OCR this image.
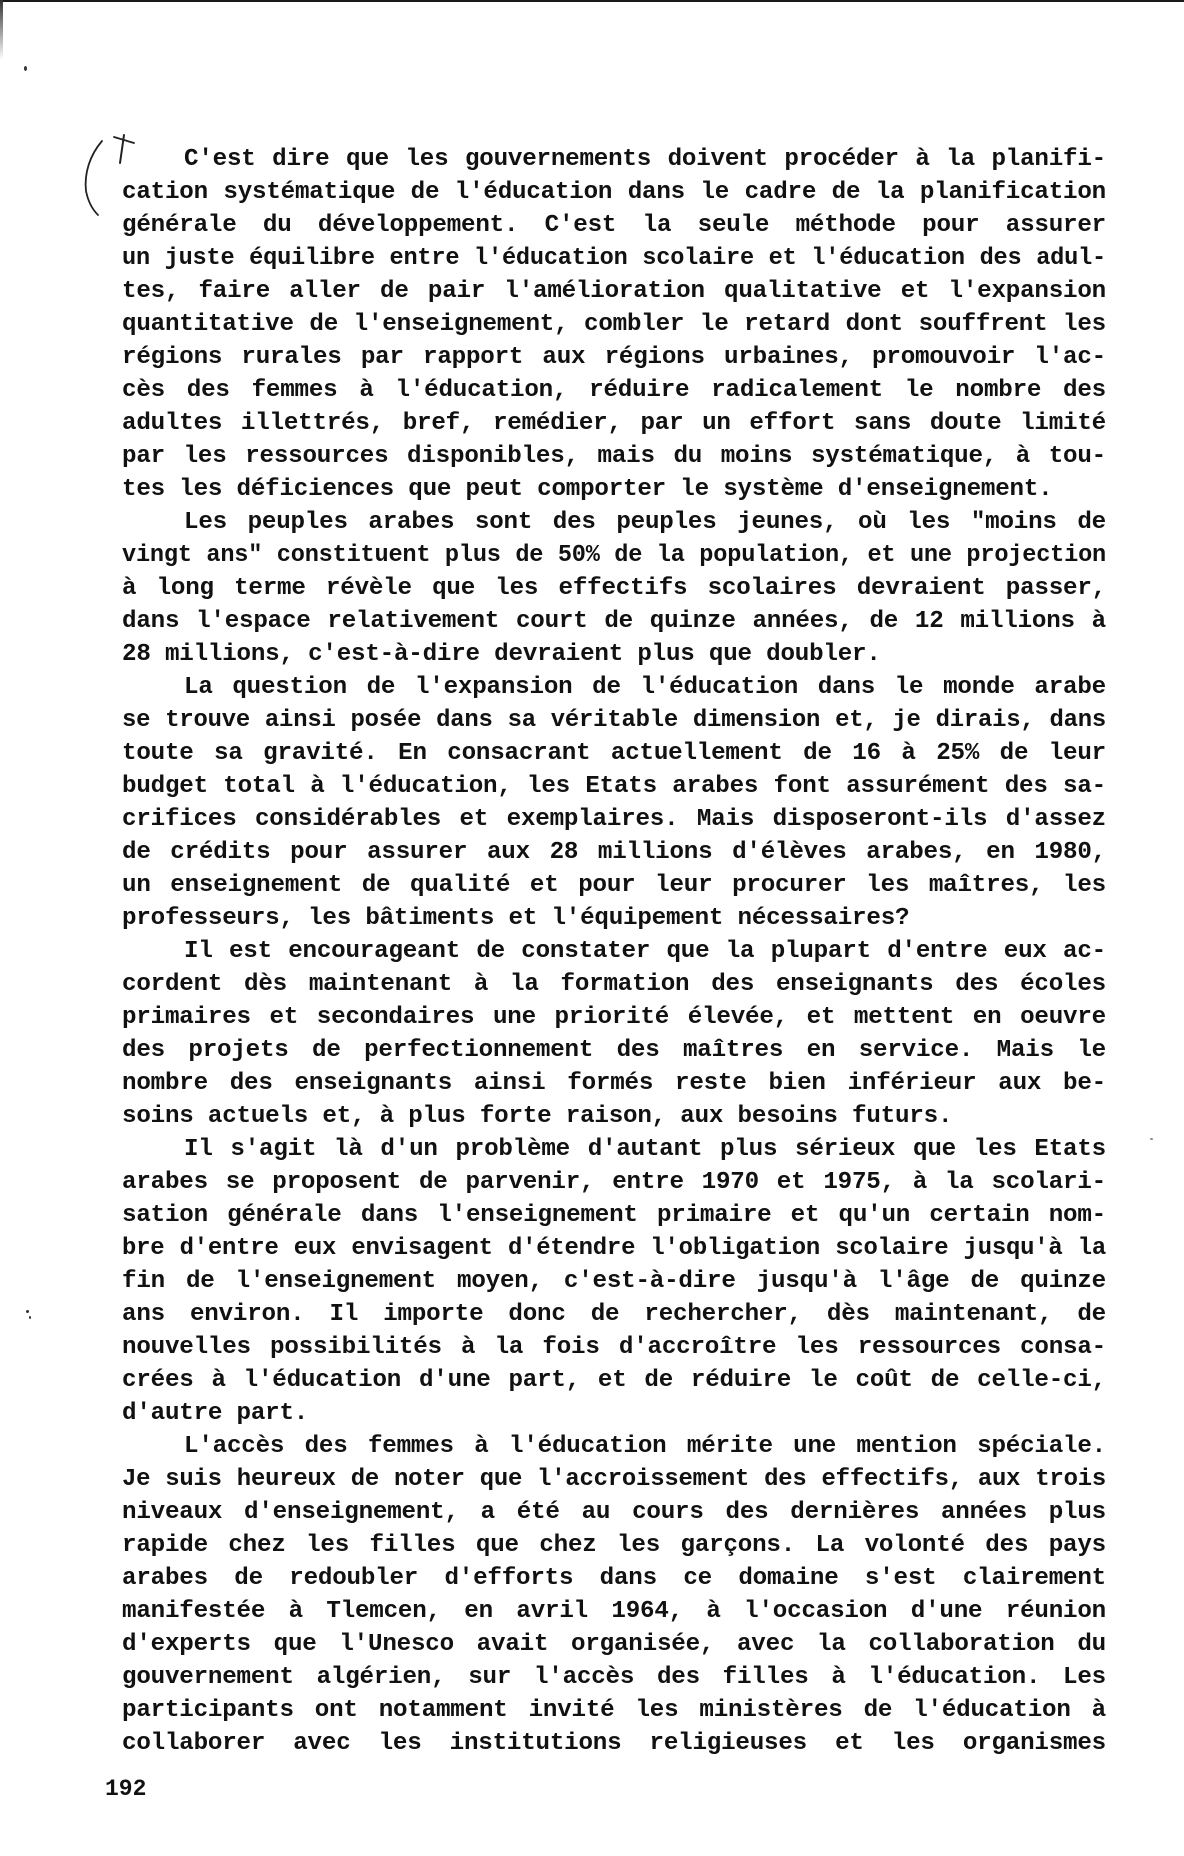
C'est dire que les gouvernements doivent procéder à la planifi-
cation systématique de l'éducation dans le cadre de la planification
générale du développement. C'est la seule méthode pour assurer
un juste équilibre entre l'éducation scolaire et l'éducation des adul-
tes, faire aller de pair l'amélioration qualitative et l'expansion
quantitative de l'enseignement, combler le retard dont souffrent les
régions rurales par rapport aux régions urbaines, promouvoir l'ac-
cès des femmes à l'éducation, réduire radicalement le nombre des
adultes illettrés, bref, remédier, par un effort sans doute limité
par les ressources disponibles, mais du moins systématique, à tou-
tes les déficiences que peut comporter le système d'enseignement.
Les peuples arabes sont des peuples jeunes, où les "moins de
vingt ans" constituent plus de 50% de la population, et une projection
à long terme révèle que les effectifs scolaires devraient passer,
dans l'espace relativement court de quinze années, de 12 millions à
28 millions, c'est-à-dire devraient plus que doubler.
La question de l'expansion de l'éducation dans le monde arabe
se trouve ainsi posée dans sa véritable dimension et, je dirais, dans
toute sa gravité. En consacrant actuellement de 16 à 25% de leur
budget total à l'éducation, les Etats arabes font assurément des sa-
crifices considérables et exemplaires. Mais disposeront-ils d'assez
de crédits pour assurer aux 28 millions d'élèves arabes, en 1980,
un enseignement de qualité et pour leur procurer les maîtres, les
professeurs, les bâtiments et l'équipement nécessaires?
Il est encourageant de constater que la plupart d'entre eux ac-
cordent dès maintenant à la formation des enseignants des écoles
primaires et secondaires une priorité élevée, et mettent en oeuvre
des projets de perfectionnement des maîtres en service. Mais le
nombre des enseignants ainsi formés reste bien inférieur aux be-
soins actuels et, à plus forte raison, aux besoins futurs.
Il s'agit là d'un problème d'autant plus sérieux que les Etats
arabes se proposent de parvenir, entre 1970 et 1975, à la scolari-
sation générale dans l'enseignement primaire et qu'un certain nom-
bre d'entre eux envisagent d'étendre l'obligation scolaire jusqu'à la
fin de l'enseignement moyen, c'est-à-dire jusqu'à l'âge de quinze
ans environ. Il importe donc de rechercher, dès maintenant, de
nouvelles possibilités à la fois d'accroître les ressources consa-
crées à l'éducation d'une part, et de réduire le coût de celle-ci,
d'autre part.
L'accès des femmes à l'éducation mérite une mention spéciale.
Je suis heureux de noter que l'accroissement des effectifs, aux trois
niveaux d'enseignement, a été au cours des dernières années plus
rapide chez les filles que chez les garçons. La volonté des pays
arabes de redoubler d'efforts dans ce domaine s'est clairement
manifestée à Tlemcen, en avril 1964, à l'occasion d'une réunion
d'experts que l'Unesco avait organisée, avec la collaboration du
gouvernement algérien, sur l'accès des filles à l'éducation. Les
participants ont notamment invité les ministères de l'éducation à
collaborer avec les institutions religieuses et les organismes
192
